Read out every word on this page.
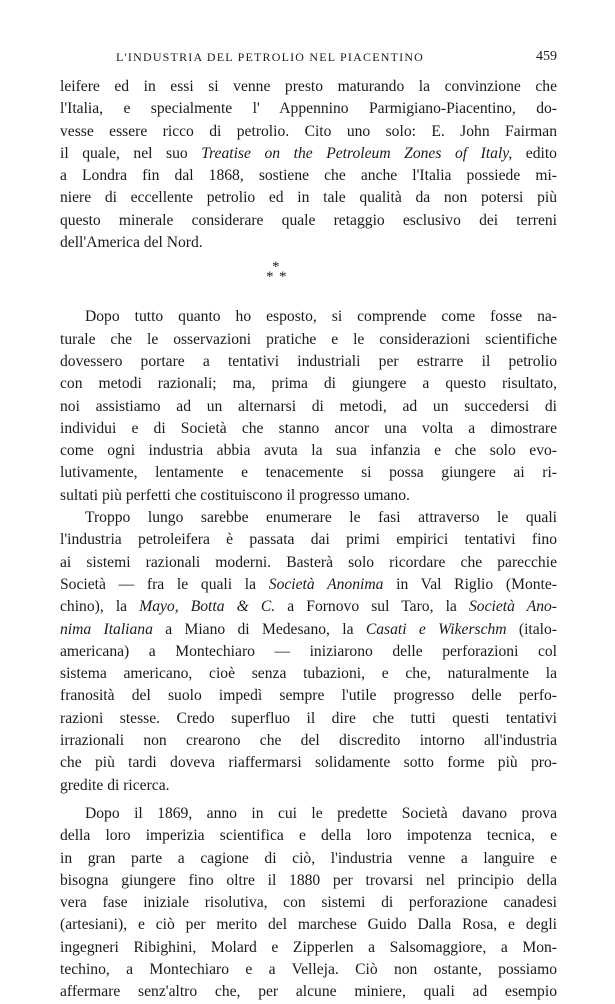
L'INDUSTRIA DEL PETROLIO NEL PIACENTINO	459
leifere ed in essi si venne presto maturando la convinzione che
l'Italia, e specialmente l' Appennino Parmigiano-Piacentino, do-
vesse essere ricco di petrolio. Cito uno solo: E. John Fairman
il quale, nel suo Treatise on the Petroleum Zones of Italy, edito
a Londra fin dal 1868, sostiene che anche l'Italia possiede mi-
niere di eccellente petrolio ed in tale qualità da non potersi più
questo minerale considerare quale retaggio esclusivo dei terreni
dell'America del Nord.
*
* *
Dopo tutto quanto ho esposto, si comprende come fosse na-
turale che le osservazioni pratiche e le considerazioni scientifiche
dovessero portare a tentativi industriali per estrarre il petrolio
con metodi razionali; ma, prima di giungere a questo risultato,
noi assistiamo ad un alternarsi di metodi, ad un succedersi di
individui e di Società che stanno ancor una volta a dimostrare
come ogni industria abbia avuta la sua infanzia e che solo evo-
lutivamente, lentamente e tenacemente si possa giungere ai ri-
sultati più perfetti che costituiscono il progresso umano.
Troppo lungo sarebbe enumerare le fasi attraverso le quali
l'industria petroleifera è passata dai primi empirici tentativi fino
ai sistemi razionali moderni. Basterà solo ricordare che parecchie
Società — fra le quali la Società Anonima in Val Riglio (Monte-
chino), la Mayo, Botta & C. a Fornovo sul Taro, la Società Ano-
nima Italiana a Miano di Medesano, la Casati e Wikerschm (italo-
americana) a Montechiaro — iniziarono delle perforazioni col
sistema americano, cioè senza tubazioni, e che, naturalmente la
franosità del suolo impedì sempre l'utile progresso delle perfo-
razioni stesse. Credo superfluo il dire che tutti questi tentativi
irrazionali non crearono che del discredito intorno all'industria
che più tardi doveva riaffermarsi solidamente sotto forme più pro-
gredite di ricerca.
Dopo il 1869, anno in cui le predette Società davano prova
della loro imperizia scientifica e della loro impotenza tecnica, e
in gran parte a cagione di ciò, l'industria venne a languire e
bisogna giungere fino oltre il 1880 per trovarsi nel principio della
vera fase iniziale risolutiva, con sistemi di perforazione canadesi
(artesiani), e ciò per merito del marchese Guido Dalla Rosa, e degli
ingegneri Ribighini, Molard e Zipperlen a Salsomaggiore, a Mon-
techino, a Montechiaro e a Velleja. Ciò non ostante, possiamo
affermare senz'altro che, per alcune miniere, quali ad esempio
